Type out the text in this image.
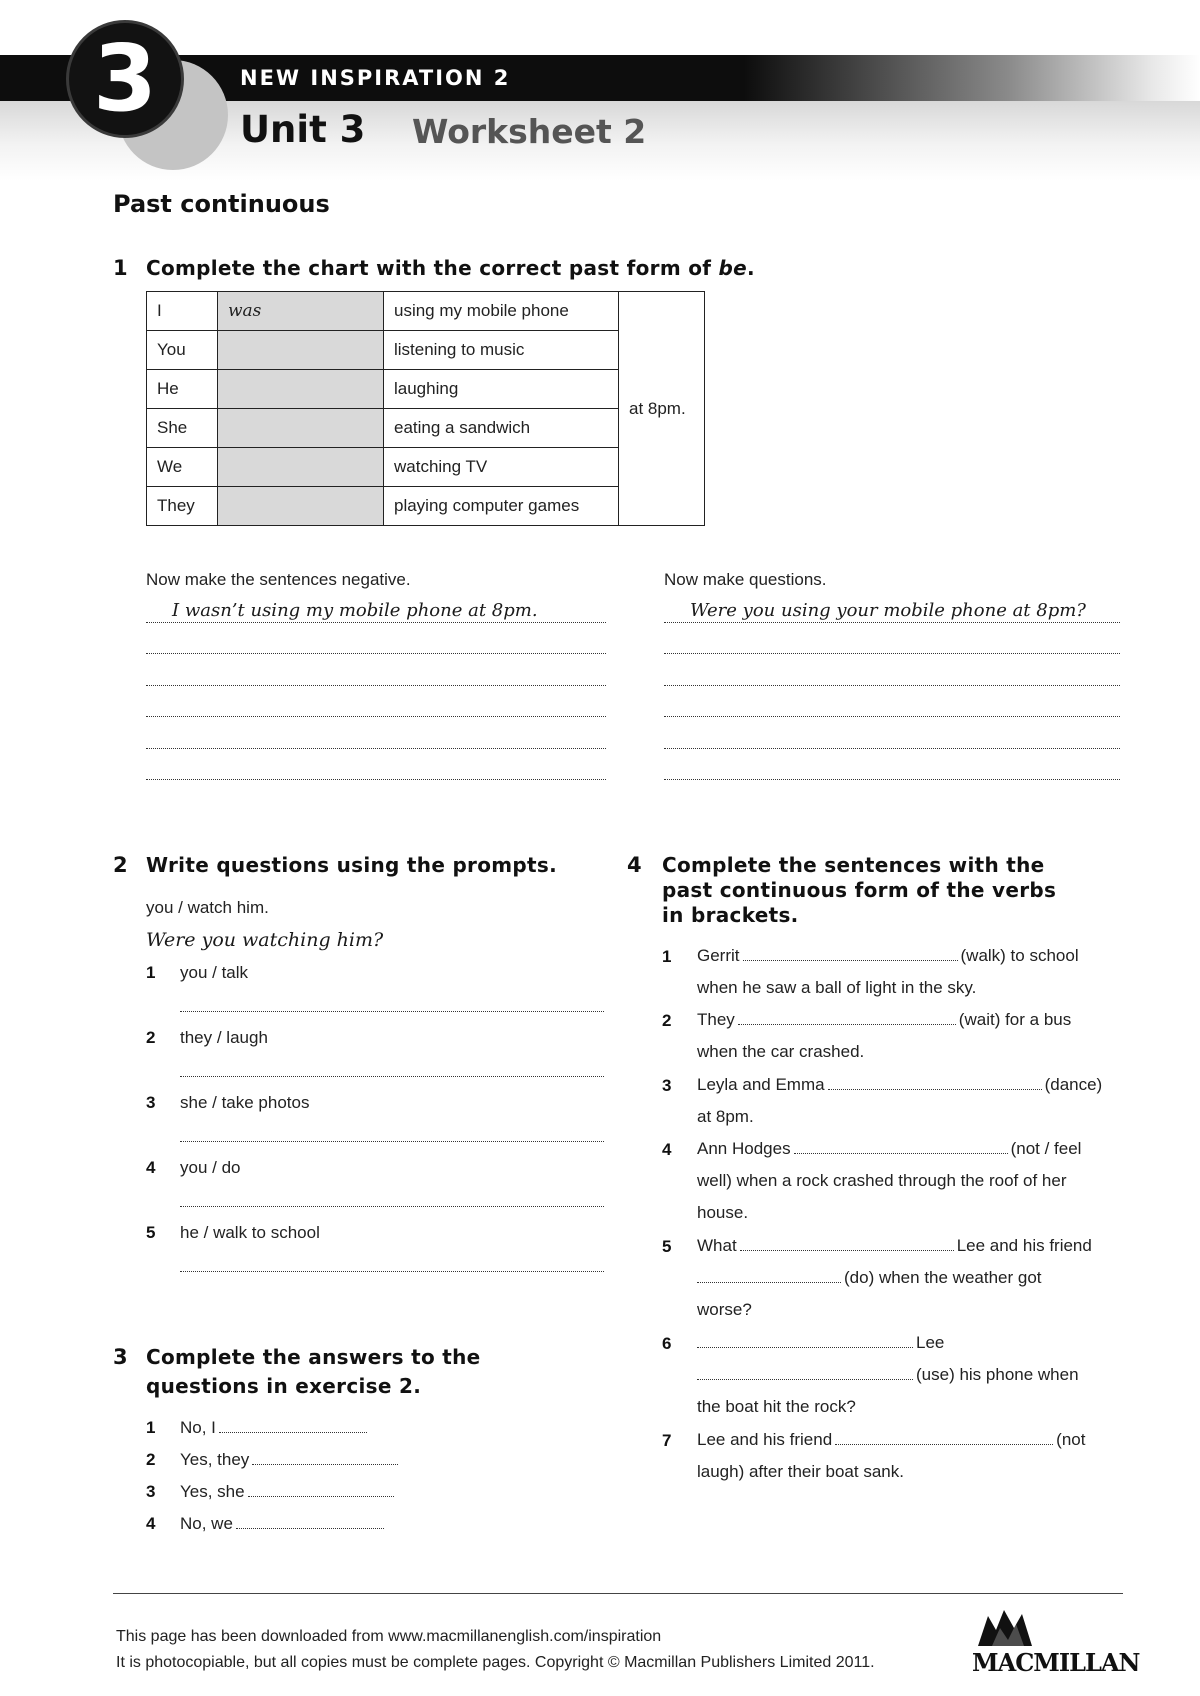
3	NEW INSPIRATION 2
Unit 3 Worksheet 2
Past continuous
1 Complete the chart with the correct past form of be.
I	was	using my mobile phone	at 8pm.
You		listening to music	
He		laughing	
She		eating a sandwich	
We		watching TV	
They		playing computer games	
Now make the sentences negative.
I wasn’t using my mobile phone at 8pm.
Now make questions.
Were you using your mobile phone at 8pm?
2 Write questions using the prompts.
you / watch him.
Were you watching him?
1 you / talk
2 they / laugh
3 she / take photos
4 you / do
5 he / walk to school
3 Complete the answers to the
questions in exercise 2.
1 No, I
2 Yes, they
3 Yes, she
4 No, we
4 Complete the sentences with the
past continuous form of the verbs
in brackets.
1 Gerrit	(walk) to school
when he saw a ball of light in the sky.
2 They	(wait) for a bus
when the car crashed.
3 Leyla and Emma	(dance)
at 8pm.
4 Ann Hodges	(not / feel
well) when a rock crashed through the roof of her
house.
5 What	Lee and his friend
(do) when the weather got
worse?
6	Lee
(use) his phone when
the boat hit the rock?
7 Lee and his friend	(not
laugh) after their boat sank.
This page has been downloaded from www.macmillanenglish.com/inspiration
It is photocopiable, but all copies must be complete pages. Copyright © Macmillan Publishers Limited 2011.	MACMILLAN
